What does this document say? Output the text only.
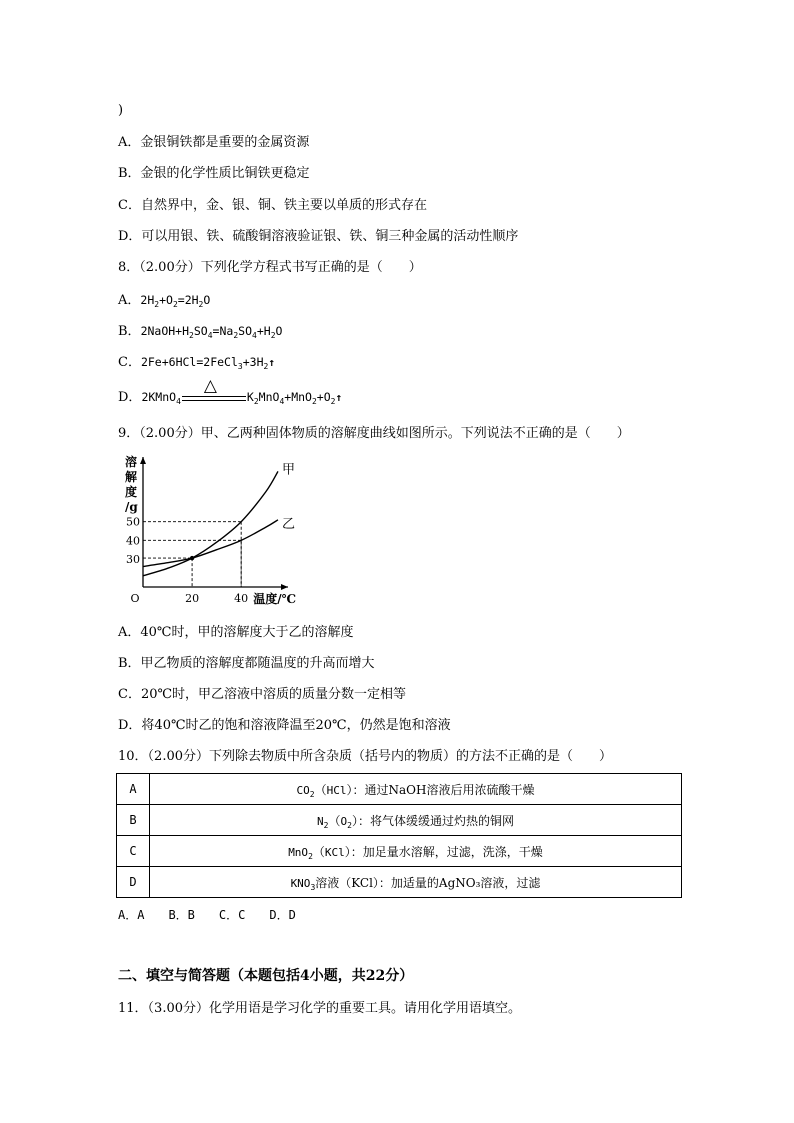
)
A．金银铜铁都是重要的金属资源
B．金银的化学性质比铜铁更稳定
C．自然界中，金、银、铜、铁主要以单质的形式存在
D．可以用银、铁、硫酸铜溶液验证银、铁、铜三种金属的活动性顺序
8．（2.00分）下列化学方程式书写正确的是（　　）
A．$2H_2+O_2=2H_2O$
B．$2NaOH+H_2SO_4=Na_2SO_4+H_2O$
C．$2Fe+6HCl=2FeCl_3+3H_2↑$
D．2KMnO$_4$
△
$K_2MnO_4+MnO_2+O_2↑$
9．（2.00分）甲、乙两种固体物质的溶解度曲线如图所示。下列说法不正确的是（　　）
甲
乙
30
40
50
20	40
O
溶
解
度
/g
温度/℃
A．40℃时，甲的溶解度大于乙的溶解度
B．甲乙物质的溶解度都随温度的升高而增大
C．20℃时，甲乙溶液中溶质的质量分数一定相等
D．将40℃时乙的饱和溶液降温至20℃，仍然是饱和溶液
10．（2.00分）下列除去物质中所含杂质（括号内的物质）的方法不正确的是（　　）
A	$CO_2(HCl)$：通过NaOH溶液后用浓硫酸干燥
B	$N_2(O_2)$：将气体缓缓通过灼热的铜网
C	MnO$_2$（KCl）：加足量水溶解，过滤，洗涤，干燥
D	$KNO_3$溶液（KCl）：加适量的AgNO₃溶液，过滤
A．A　　B．B　　C．C　　D．D
二、填空与简答题（本题包括4小题，共22分）
11．（3.00分）化学用语是学习化学的重要工具。请用化学用语填空。
